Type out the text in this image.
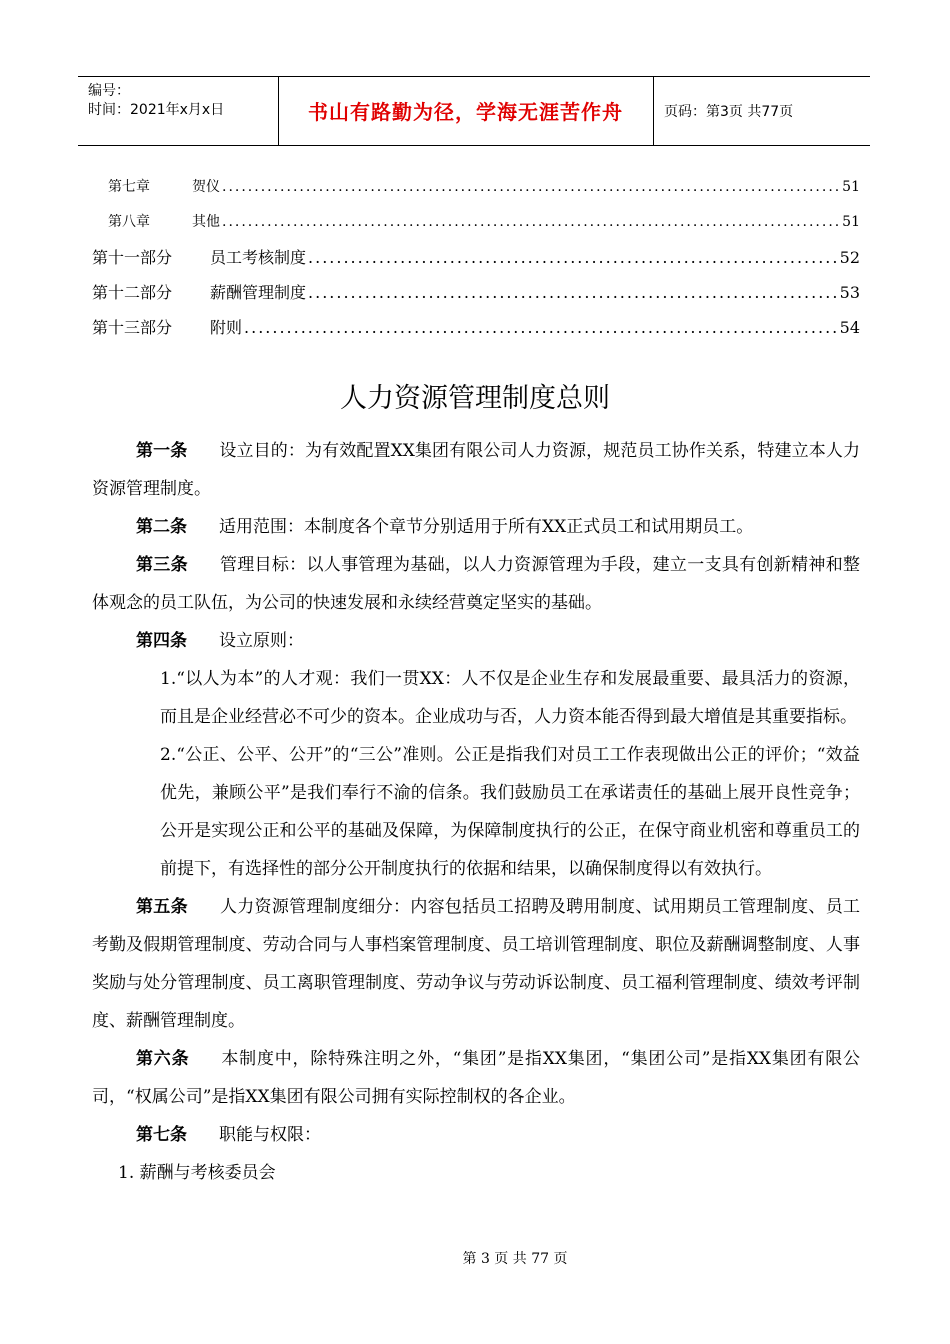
编号：
时间：2021年x月x日	书山有路勤为径，学海无涯苦作舟	页码：第3页 共77页
第七章	贺仪 .....	51
第八章	其他 .....	51
第十一部分	员工考核制度 .....	52
第十二部分	薪酬管理制度 .....	53
第十三部分	附则 .....	54
人力资源管理制度总则

第一条 设立目的：为有效配置XX集团有限公司人力资源，规范员工协作关系，特建立本人力资源管理制度。

第二条 适用范围：本制度各个章节分别适用于所有XX正式员工和试用期员工。

第三条 管理目标：以人事管理为基础，以人力资源管理为手段，建立一支具有创新精神和整体观念的员工队伍，为公司的快速发展和永续经营奠定坚实的基础。

第四条 设立原则：

1.“以人为本”的人才观：我们一贯XX：人不仅是企业生存和发展最重要、最具活力的资源，而且是企业经营必不可少的资本。企业成功与否，人力资本能否得到最大增值是其重要指标。

2.“公正、公平、公开”的“三公”准则。公正是指我们对员工工作表现做出公正的评价；“效益优先，兼顾公平”是我们奉行不渝的信条。我们鼓励员工在承诺责任的基础上展开良性竞争；公开是实现公正和公平的基础及保障，为保障制度执行的公正，在保守商业机密和尊重员工的前提下，有选择性的部分公开制度执行的依据和结果，以确保制度得以有效执行。

第五条 人力资源管理制度细分：内容包括员工招聘及聘用制度、试用期员工管理制度、员工考勤及假期管理制度、劳动合同与人事档案管理制度、员工培训管理制度、职位及薪酬调整制度、人事奖励与处分管理制度、员工离职管理制度、劳动争议与劳动诉讼制度、员工福利管理制度、绩效考评制度、薪酬管理制度。

第六条 本制度中，除特殊注明之外，“集团”是指XX集团，“集团公司”是指XX集团有限公司，“权属公司”是指XX集团有限公司拥有实际控制权的各企业。

第七条 职能与权限：

1. 薪酬与考核委员会

第 3 页 共 77 页
